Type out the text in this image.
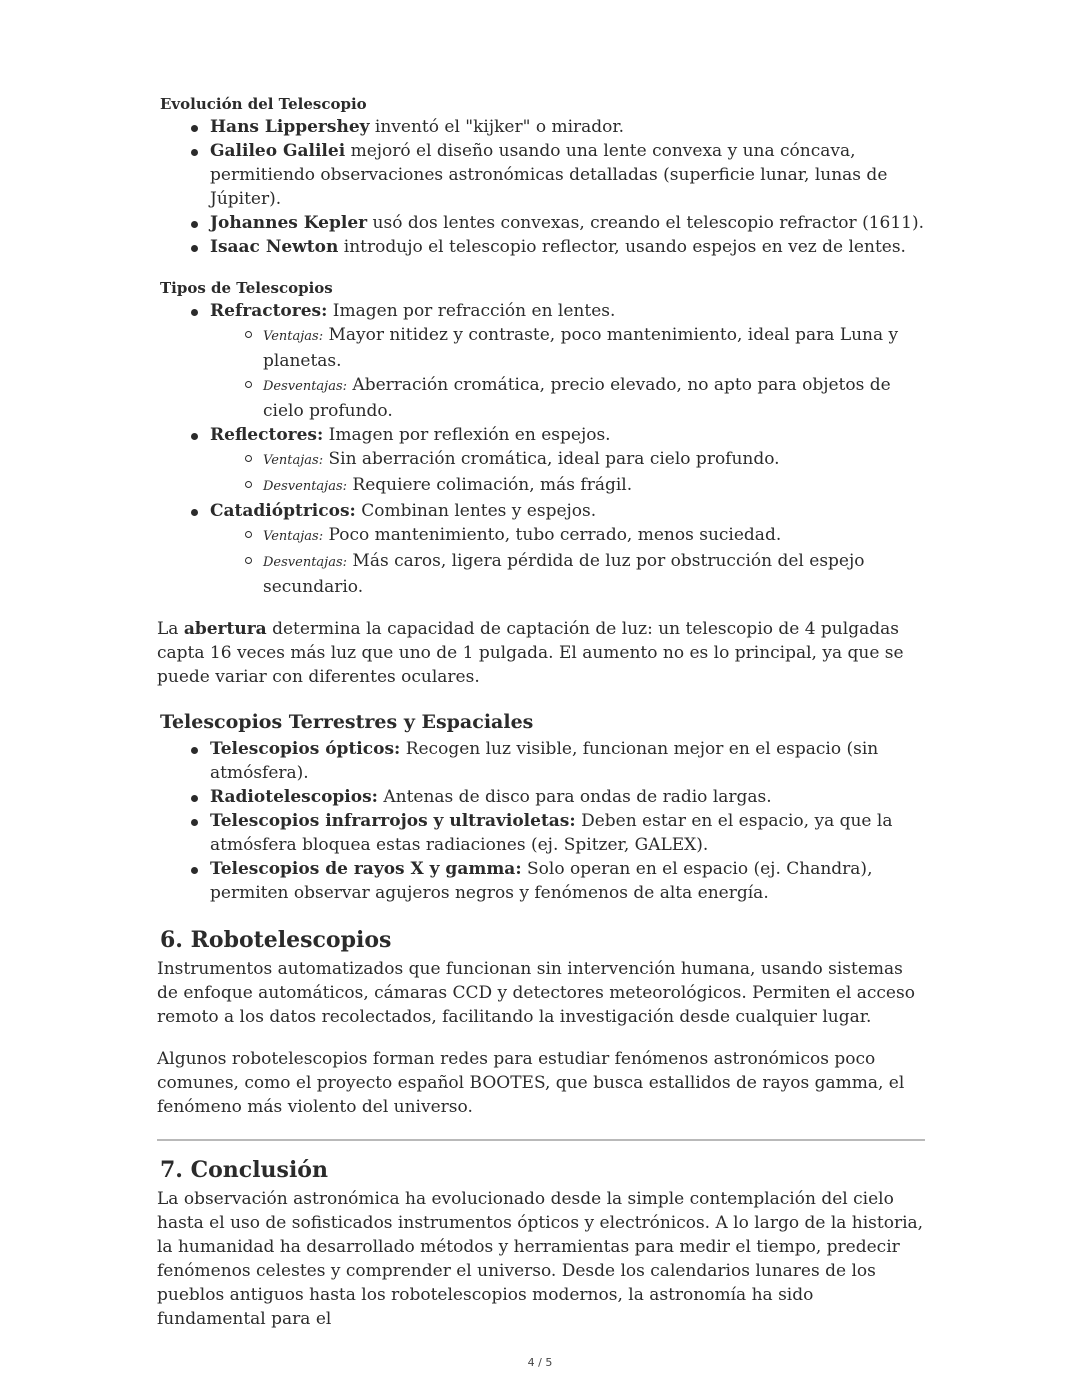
Evolución del Telescopio
Hans Lippershey inventó el "kijker" o mirador.
Galileo Galilei mejoró el diseño usando una lente convexa y una cóncava, permitiendo observaciones astronómicas detalladas (superficie lunar, lunas de Júpiter).
Johannes Kepler usó dos lentes convexas, creando el telescopio refractor (1611).
Isaac Newton introdujo el telescopio reflector, usando espejos en vez de lentes.
Tipos de Telescopios
Refractores: Imagen por refracción en lentes.
Ventajas: Mayor nitidez y contraste, poco mantenimiento, ideal para Luna y planetas.
Desventajas: Aberración cromática, precio elevado, no apto para objetos de cielo profundo.
Reflectores: Imagen por reflexión en espejos.
Ventajas: Sin aberración cromática, ideal para cielo profundo.
Desventajas: Requiere colimación, más frágil.
Catadióptricos: Combinan lentes y espejos.
Ventajas: Poco mantenimiento, tubo cerrado, menos suciedad.
Desventajas: Más caros, ligera pérdida de luz por obstrucción del espejo secundario.

La abertura determina la capacidad de captación de luz: un telescopio de 4 pulgadas capta 16 veces más luz que uno de 1 pulgada. El aumento no es lo principal, ya que se puede variar con diferentes oculares.

Telescopios Terrestres y Espaciales
Telescopios ópticos: Recogen luz visible, funcionan mejor en el espacio (sin atmósfera).
Radiotelescopios: Antenas de disco para ondas de radio largas.
Telescopios infrarrojos y ultravioletas: Deben estar en el espacio, ya que la atmósfera bloquea estas radiaciones (ej. Spitzer, GALEX).
Telescopios de rayos X y gamma: Solo operan en el espacio (ej. Chandra), permiten observar agujeros negros y fenómenos de alta energía.
6. Robotelescopios

Instrumentos automatizados que funcionan sin intervención humana, usando sistemas de enfoque automáticos, cámaras CCD y detectores meteorológicos. Permiten el acceso remoto a los datos recolectados, facilitando la investigación desde cualquier lugar.

Algunos robotelescopios forman redes para estudiar fenómenos astronómicos poco comunes, como el proyecto español BOOTES, que busca estallidos de rayos gamma, el fenómeno más violento del universo.

7. Conclusión

La observación astronómica ha evolucionado desde la simple contemplación del cielo hasta el uso de sofisticados instrumentos ópticos y electrónicos. A lo largo de la historia, la humanidad ha desarrollado métodos y herramientas para medir el tiempo, predecir fenómenos celestes y comprender el universo. Desde los calendarios lunares de los pueblos antiguos hasta los robotelescopios modernos, la astronomía ha sido fundamental para el

4 / 5
